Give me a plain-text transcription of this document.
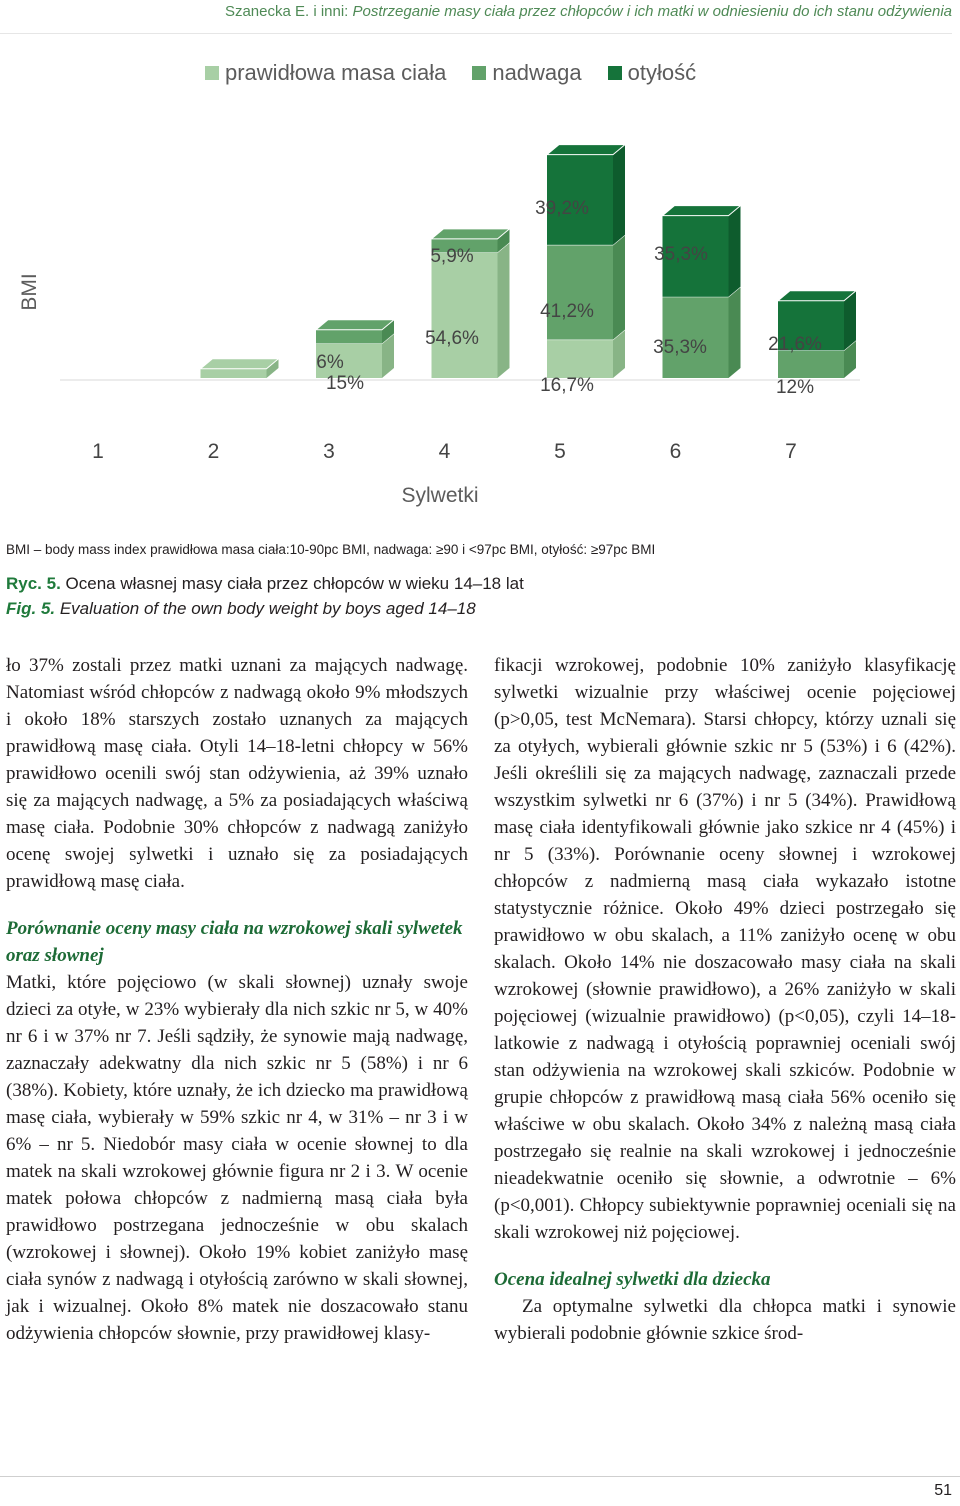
Szanecka E. i inni: Postrzeganie masy ciała przez chłopców i ich matki w odniesieniu do ich stanu odżywienia
prawidłowa masa ciała nadwaga otyłość
BMI
1	2	3	4	5	6	7
15%
6%
54,6%
5,9%
16,7%
41,2%
39,2%
35,3%
35,3%
12%
21,6%
Sylwetki
BMI – body mass index prawidłowa masa ciała:10-90pc BMI, nadwaga: ≥90 i <97pc BMI, otyłość: ≥97pc BMI
Ryc. 5. Ocena własnej masy ciała przez chłopców w wieku 14–18 lat
Fig. 5. Evaluation of the own body weight by boys aged 14–18

ło 37% zostali przez matki uznani za mających nadwagę. Natomiast wśród chłopców z nadwagą około 9% młodszych i około 18% starszych zostało uznanych za mających prawidłową masę ciała. Otyli 14–18-letni chłopcy w 56% prawidłowo ocenili swój stan odżywienia, aż 39% uznało się za mających nadwagę, a 5% za posiadających właściwą masę ciała. Podobnie 30% chłopców z nadwagą zaniżyło ocenę swojej sylwetki i uznało się za posiadających prawidłową masę ciała.

Porównanie oceny masy ciała na wzrokowej skali sylwetek oraz słownej

Matki, które pojęciowo (w skali słownej) uznały swoje dzieci za otyłe, w 23% wybierały dla nich szkic nr 5, w 40% nr 6 i w 37% nr 7. Jeśli sądziły, że synowie mają nadwagę, zaznaczały adekwatny dla nich szkic nr 5 (58%) i nr 6 (38%). Kobiety, które uznały, że ich dziecko ma prawidłową masę ciała, wybierały w 59% szkic nr 4, w 31% – nr 3 i w 6% – nr 5. Niedobór masy ciała w ocenie słownej to dla matek na skali wzrokowej głównie figura nr 2 i 3. W ocenie matek połowa chłopców z nadmierną masą ciała była prawidłowo postrzegana jednocześnie w obu skalach (wzrokowej i słownej). Około 19% kobiet zaniżyło masę ciała synów z nadwagą i otyłością zarówno w skali słownej, jak i wizualnej. Około 8% matek nie doszacowało stanu odżywienia chłopców słownie, przy prawidłowej klasy-

fikacji wzrokowej, podobnie 10% zaniżyło klasyfikację sylwetki wizualnie przy właściwej ocenie pojęciowej (p>0,05, test McNemara). Starsi chłopcy, którzy uznali się za otyłych, wybierali głównie szkic nr 5 (53%) i 6 (42%). Jeśli określili się za mających nadwagę, zaznaczali przede wszystkim sylwetki nr 6 (37%) i nr 5 (34%). Prawidłową masę ciała identyfikowali głównie jako szkice nr 4 (45%) i nr 5 (33%). Porównanie oceny słownej i wzrokowej chłopców z nadmierną masą ciała wykazało istotne statystycznie różnice. Około 49% dzieci postrzegało się prawidłowo w obu skalach, a 11% zaniżyło ocenę w obu skalach. Około 14% nie doszacowało masy ciała na skali wzrokowej (słownie prawidłowo), a 26% zaniżyło w skali pojęciowej (wizualnie prawidłowo) (p<0,05), czyli 14–18-latkowie z nadwagą i otyłością poprawniej oceniali swój stan odżywienia na wzrokowej skali szkiców. Podobnie w grupie chłopców z prawidłową masą ciała 56% oceniło się właściwe w obu skalach. Około 34% z należną masą ciała postrzegało się realnie na skali wzrokowej i jednocześnie nieadekwatnie oceniło się słownie, a odwrotnie – 6% (p<0,001). Chłopcy subiektywnie poprawniej oceniali się na skali wzrokowej niż pojęciowej.

Ocena idealnej sylwetki dla dziecka

Za optymalne sylwetki dla chłopca matki i synowie wybierali podobnie głównie szkice środ-

51
